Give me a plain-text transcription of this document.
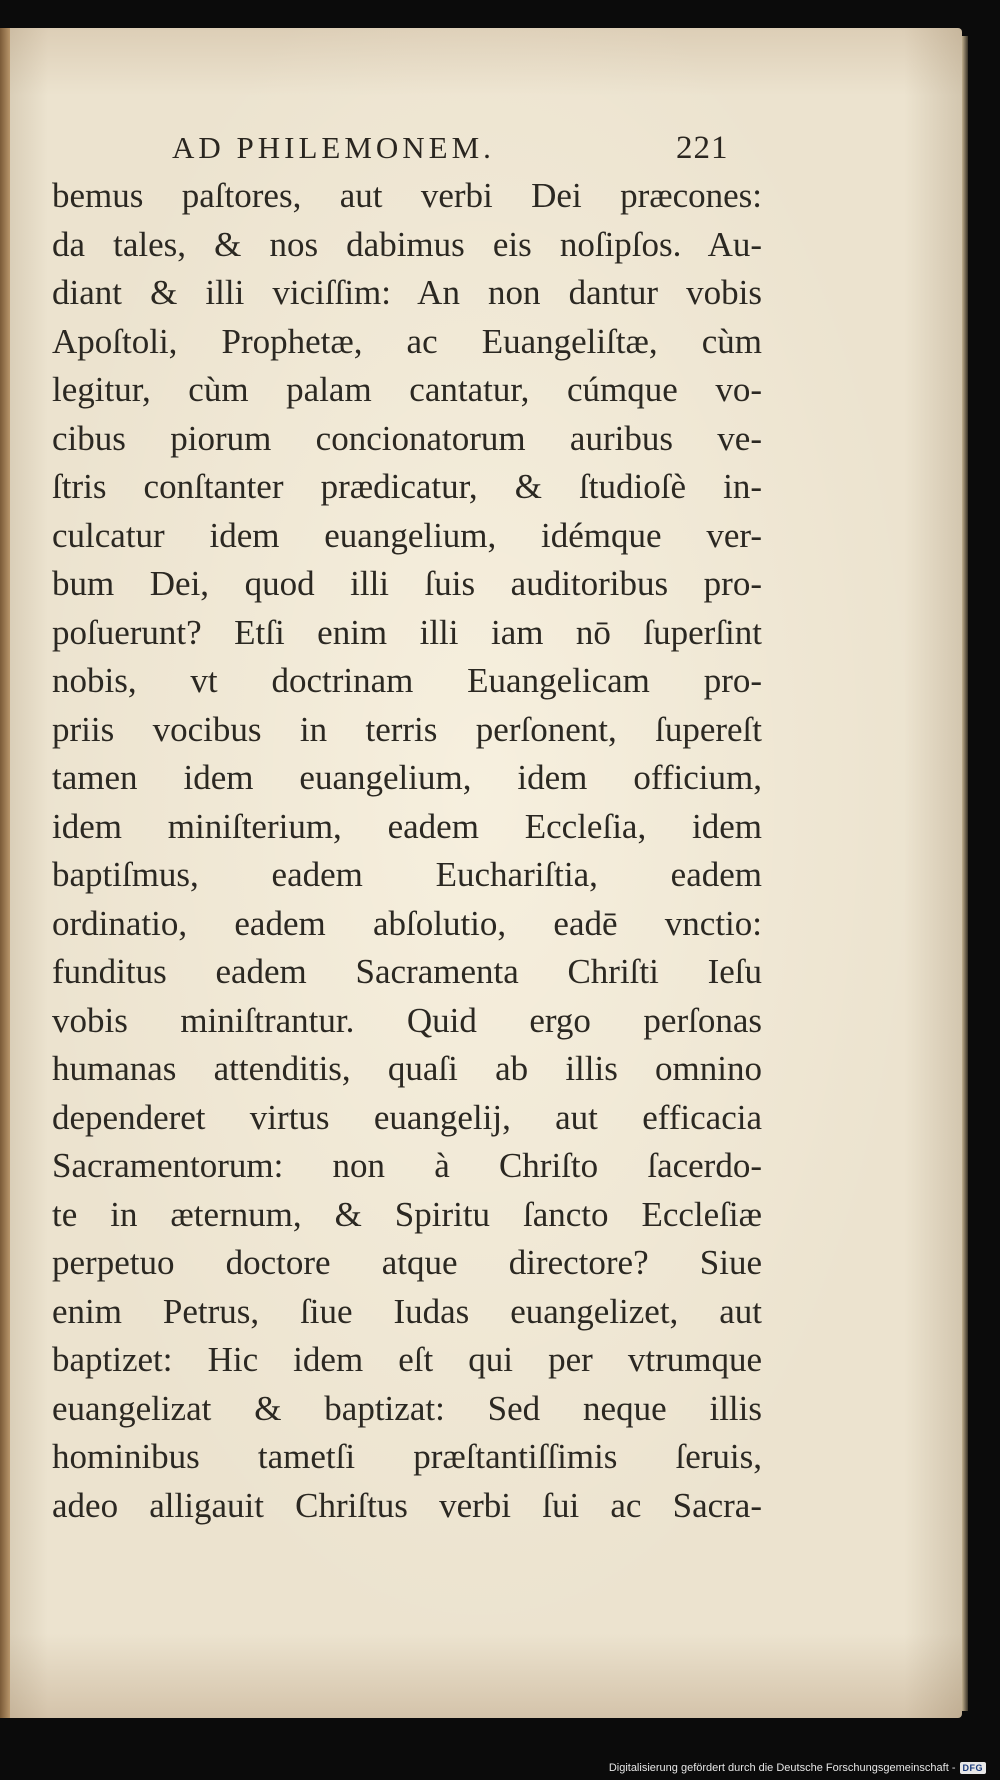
AD PHILEMONEM.	221
bemus paſtores, aut verbi Dei præcones:
da tales, & nos dabimus eis noſipſos. Au-
diant & illi viciſſim: An non dantur vobis
Apoſtoli, Prophetæ, ac Euangeliſtæ, cùm
legitur, cùm palam cantatur, cúmque vo-
cibus piorum concionatorum auribus ve-
ſtris conſtanter prædicatur, & ſtudioſè in-
culcatur idem euangelium, idémque ver-
bum Dei, quod illi ſuis auditoribus pro-
poſuerunt? Etſi enim illi iam nō ſuperſint
nobis, vt doctrinam Euangelicam pro-
priis vocibus in terris perſonent, ſupereſt
tamen idem euangelium, idem officium,
idem miniſterium, eadem Eccleſia, idem
baptiſmus, eadem Euchariſtia, eadem
ordinatio, eadem abſolutio, eadē vnctio:
funditus eadem Sacramenta Chriſti Ieſu
vobis miniſtrantur. Quid ergo perſonas
humanas attenditis, quaſi ab illis omnino
dependeret virtus euangelij, aut efficacia
Sacramentorum: non à Chriſto ſacerdo-
te in æternum, & Spiritu ſancto Eccleſiæ
perpetuo doctore atque directore? Siue
enim Petrus, ſiue Iudas euangelizet, aut
baptizet: Hic idem eſt qui per vtrumque
euangelizat & baptizat: Sed neque illis
hominibus tametſi præſtantiſſimis ſeruis,
adeo alligauit Chriſtus verbi ſui ac Sacra-
Digitalisierung gefördert durch die Deutsche Forschungsgemeinschaft - DFG
